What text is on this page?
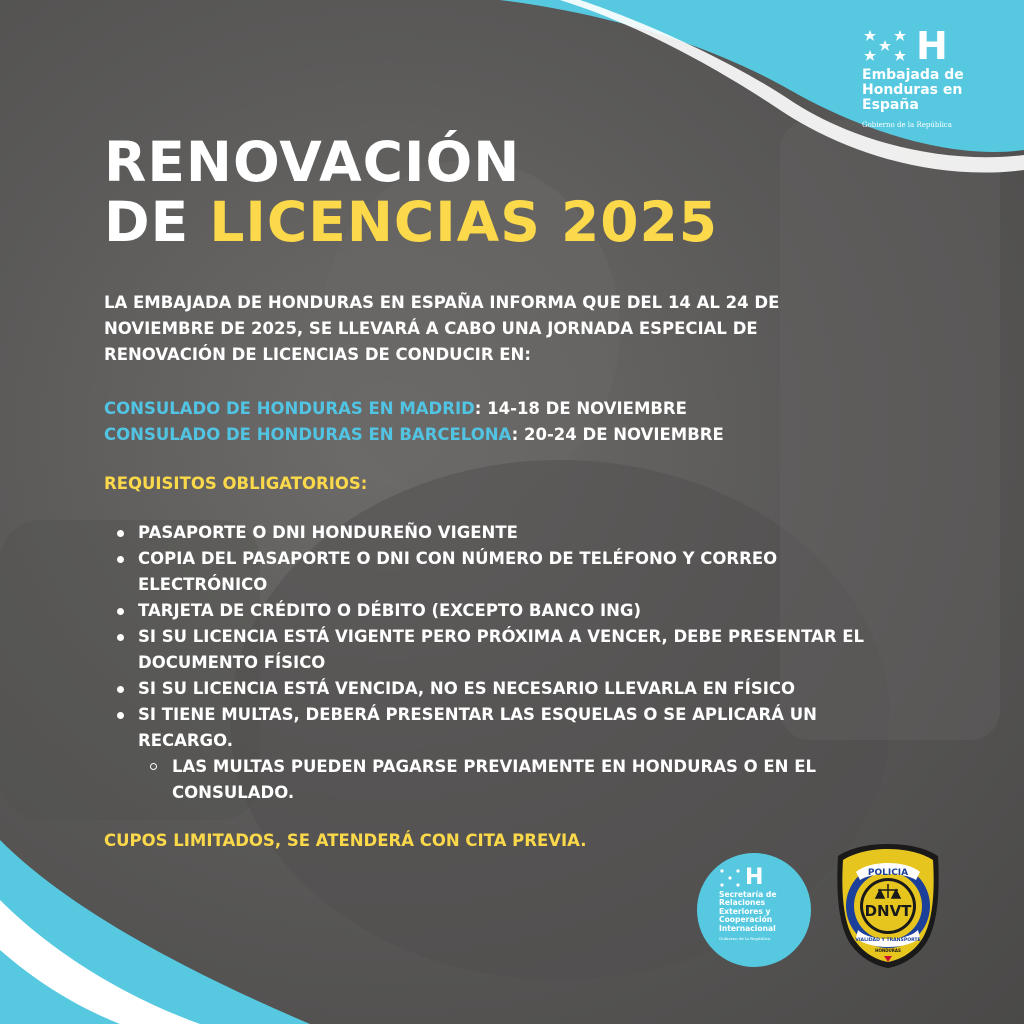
H
Embajada de Honduras en España
Gobierno de la República
RENOVACIÓN
DE LICENCIAS 2025
LA EMBAJADA DE HONDURAS EN ESPAÑA INFORMA QUE DEL 14 AL 24 DE NOVIEMBRE DE 2025, SE LLEVARÁ A CABO UNA JORNADA ESPECIAL DE RENOVACIÓN DE LICENCIAS DE CONDUCIR EN:
CONSULADO DE HONDURAS EN MADRID: 14-18 DE NOVIEMBRE
CONSULADO DE HONDURAS EN BARCELONA: 20-24 DE NOVIEMBRE
REQUISITOS OBLIGATORIOS:
PASAPORTE O DNI HONDUREÑO VIGENTE
COPIA DEL PASAPORTE O DNI CON NÚMERO DE TELÉFONO Y CORREO ELECTRÓNICO
TARJETA DE CRÉDITO O DÉBITO (EXCEPTO BANCO ING)
SI SU LICENCIA ESTÁ VIGENTE PERO PRÓXIMA A VENCER, DEBE PRESENTAR EL DOCUMENTO FÍSICO
SI SU LICENCIA ESTÁ VENCIDA, NO ES NECESARIO LLEVARLA EN FÍSICO
SI TIENE MULTAS, DEBERÁ PRESENTAR LAS ESQUELAS O SE APLICARÁ UN RECARGO.
LAS MULTAS PUEDEN PAGARSE PREVIAMENTE EN HONDURAS O EN EL CONSULADO.
CUPOS LIMITADOS, SE ATENDERÁ CON CITA PREVIA.
H
Secretaría de Relaciones Exteriores y Cooperación Internacional
Gobierno de la República
POLICIA
DNVT
VIALIDAD Y TRANSPORTE
HONDURAS
